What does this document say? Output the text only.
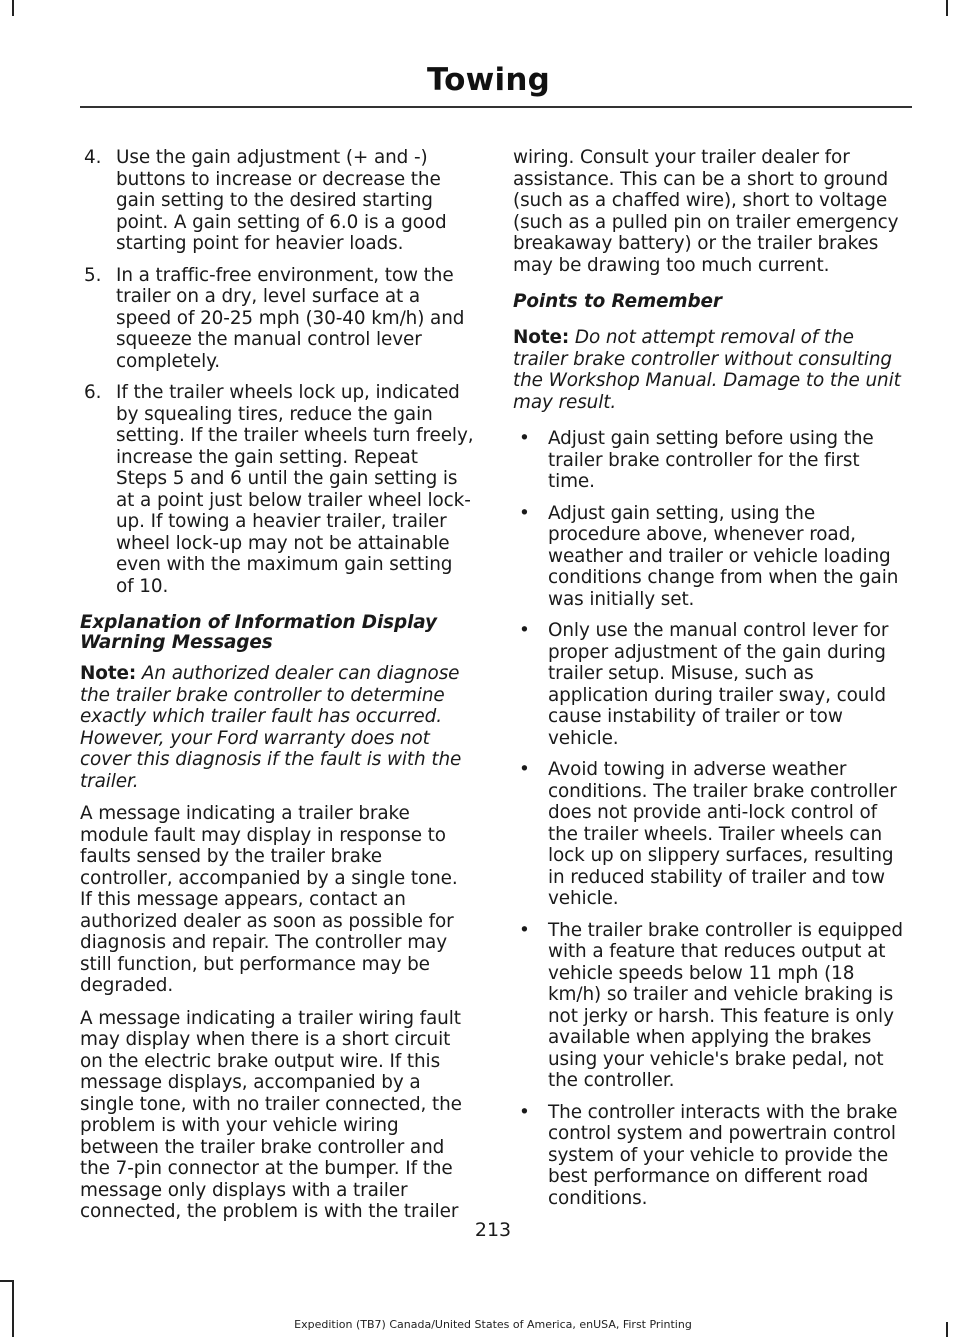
Towing
4. Use the gain adjustment (+ and -) buttons to increase or decrease the gain setting to the desired starting point. A gain setting of 6.0 is a good starting point for heavier loads.
5. In a traffic-free environment, tow the trailer on a dry, level surface at a speed of 20-25 mph (30-40 km/h) and squeeze the manual control lever completely.
6. If the trailer wheels lock up, indicated by squealing tires, reduce the gain setting. If the trailer wheels turn freely, increase the gain setting. Repeat Steps 5 and 6 until the gain setting is at a point just below trailer wheel lock-up. If towing a heavier trailer, trailer wheel lock-up may not be attainable even with the maximum gain setting of 10.
Explanation of Information Display Warning Messages

Note: An authorized dealer can diagnose the trailer brake controller to determine exactly which trailer fault has occurred. However, your Ford warranty does not cover this diagnosis if the fault is with the trailer.

A message indicating a trailer brake module fault may display in response to faults sensed by the trailer brake controller, accompanied by a single tone. If this message appears, contact an authorized dealer as soon as possible for diagnosis and repair. The controller may still function, but performance may be degraded.

A message indicating a trailer wiring fault may display when there is a short circuit on the electric brake output wire. If this message displays, accompanied by a single tone, with no trailer connected, the problem is with your vehicle wiring between the trailer brake controller and the 7-pin connector at the bumper. If the message only displays with a trailer connected, the problem is with the trailer

wiring. Consult your trailer dealer for assistance. This can be a short to ground (such as a chaffed wire), short to voltage (such as a pulled pin on trailer emergency breakaway battery) or the trailer brakes may be drawing too much current.

Points to Remember

Note: Do not attempt removal of the trailer brake controller without consulting the Workshop Manual. Damage to the unit may result.

• Adjust gain setting before using the trailer brake controller for the first time.
• Adjust gain setting, using the procedure above, whenever road, weather and trailer or vehicle loading conditions change from when the gain was initially set.
• Only use the manual control lever for proper adjustment of the gain during trailer setup. Misuse, such as application during trailer sway, could cause instability of trailer or tow vehicle.
• Avoid towing in adverse weather conditions. The trailer brake controller does not provide anti-lock control of the trailer wheels. Trailer wheels can lock up on slippery surfaces, resulting in reduced stability of trailer and tow vehicle.
• The trailer brake controller is equipped with a feature that reduces output at vehicle speeds below 11 mph (18 km/h) so trailer and vehicle braking is not jerky or harsh. This feature is only available when applying the brakes using your vehicle's brake pedal, not the controller.
• The controller interacts with the brake control system and powertrain control system of your vehicle to provide the best performance on different road conditions.
213
Expedition (TB7) Canada/United States of America, enUSA, First Printing
